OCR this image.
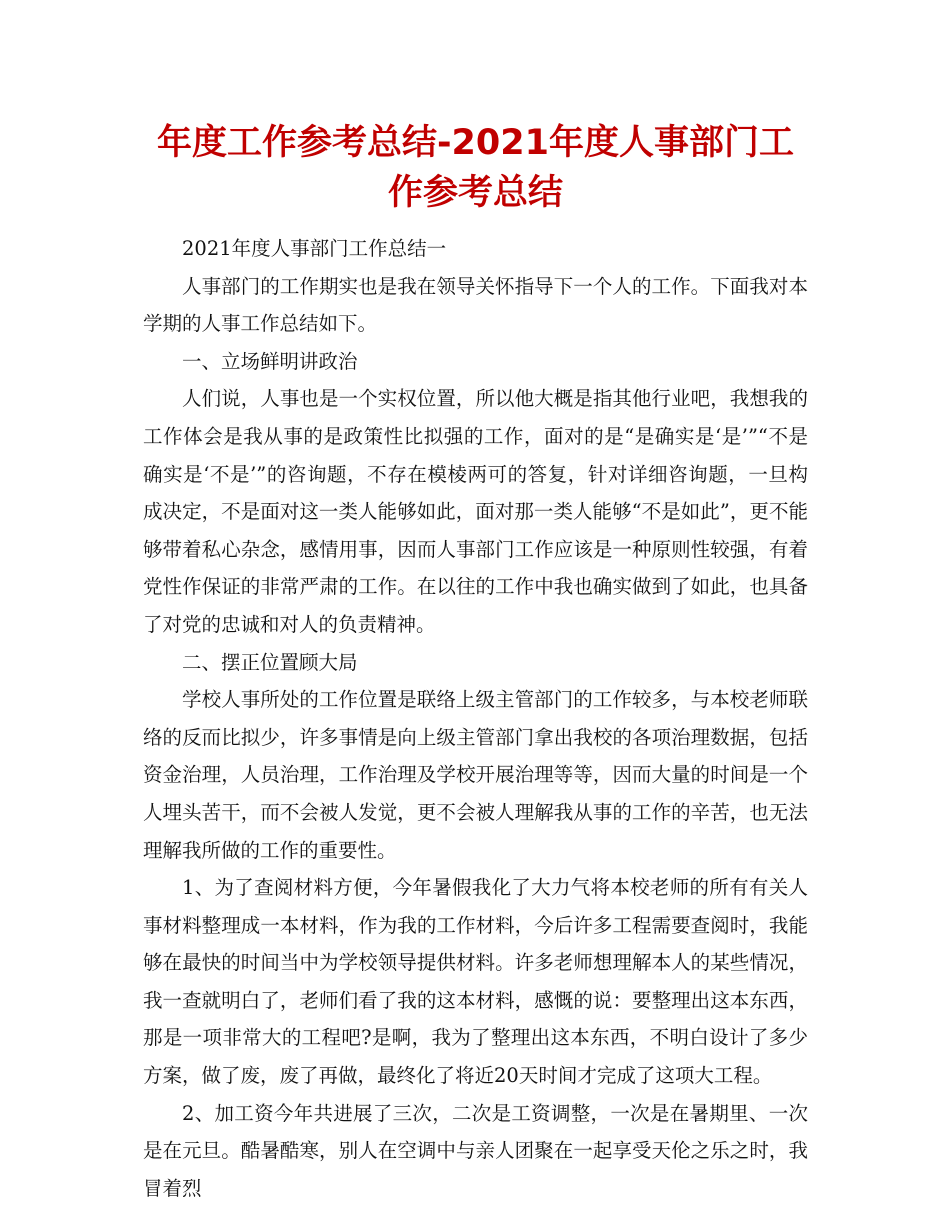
年度工作参考总结-2021年度人事部门工作参考总结

2021年度人事部门工作总结一

人事部门的工作期实也是我在领导关怀指导下一个人的工作。下面我对本学期的人事工作总结如下。

一、立场鲜明讲政治

人们说，人事也是一个实权位置，所以他大概是指其他行业吧，我想我的工作体会是我从事的是政策性比拟强的工作，面对的是“是确实是‘是’”“不是确实是‘不是’”的咨询题，不存在模棱两可的答复，针对详细咨询题，一旦构成决定，不是面对这一类人能够如此，面对那一类人能够“不是如此”，更不能够带着私心杂念，感情用事，因而人事部门工作应该是一种原则性较强，有着党性作保证的非常严肃的工作。在以往的工作中我也确实做到了如此，也具备了对党的忠诚和对人的负责精神。

二、摆正位置顾大局

学校人事所处的工作位置是联络上级主管部门的工作较多，与本校老师联络的反而比拟少，许多事情是向上级主管部门拿出我校的各项治理数据，包括资金治理，人员治理，工作治理及学校开展治理等等，因而大量的时间是一个人埋头苦干，而不会被人发觉，更不会被人理解我从事的工作的辛苦，也无法理解我所做的工作的重要性。

1、为了查阅材料方便，今年暑假我化了大力气将本校老师的所有有关人事材料整理成一本材料，作为我的工作材料，今后许多工程需要查阅时，我能够在最快的时间当中为学校领导提供材料。许多老师想理解本人的某些情况，我一查就明白了，老师们看了我的这本材料，感慨的说：要整理出这本东西，那是一项非常大的工程吧?是啊，我为了整理出这本东西，不明白设计了多少方案，做了废，废了再做，最终化了将近20天时间才完成了这项大工程。

2、加工资今年共进展了三次，二次是工资调整，一次是在暑期里、一次是在元旦。酷暑酷寒，别人在空调中与亲人团聚在一起享受天伦之乐之时，我冒着烈
